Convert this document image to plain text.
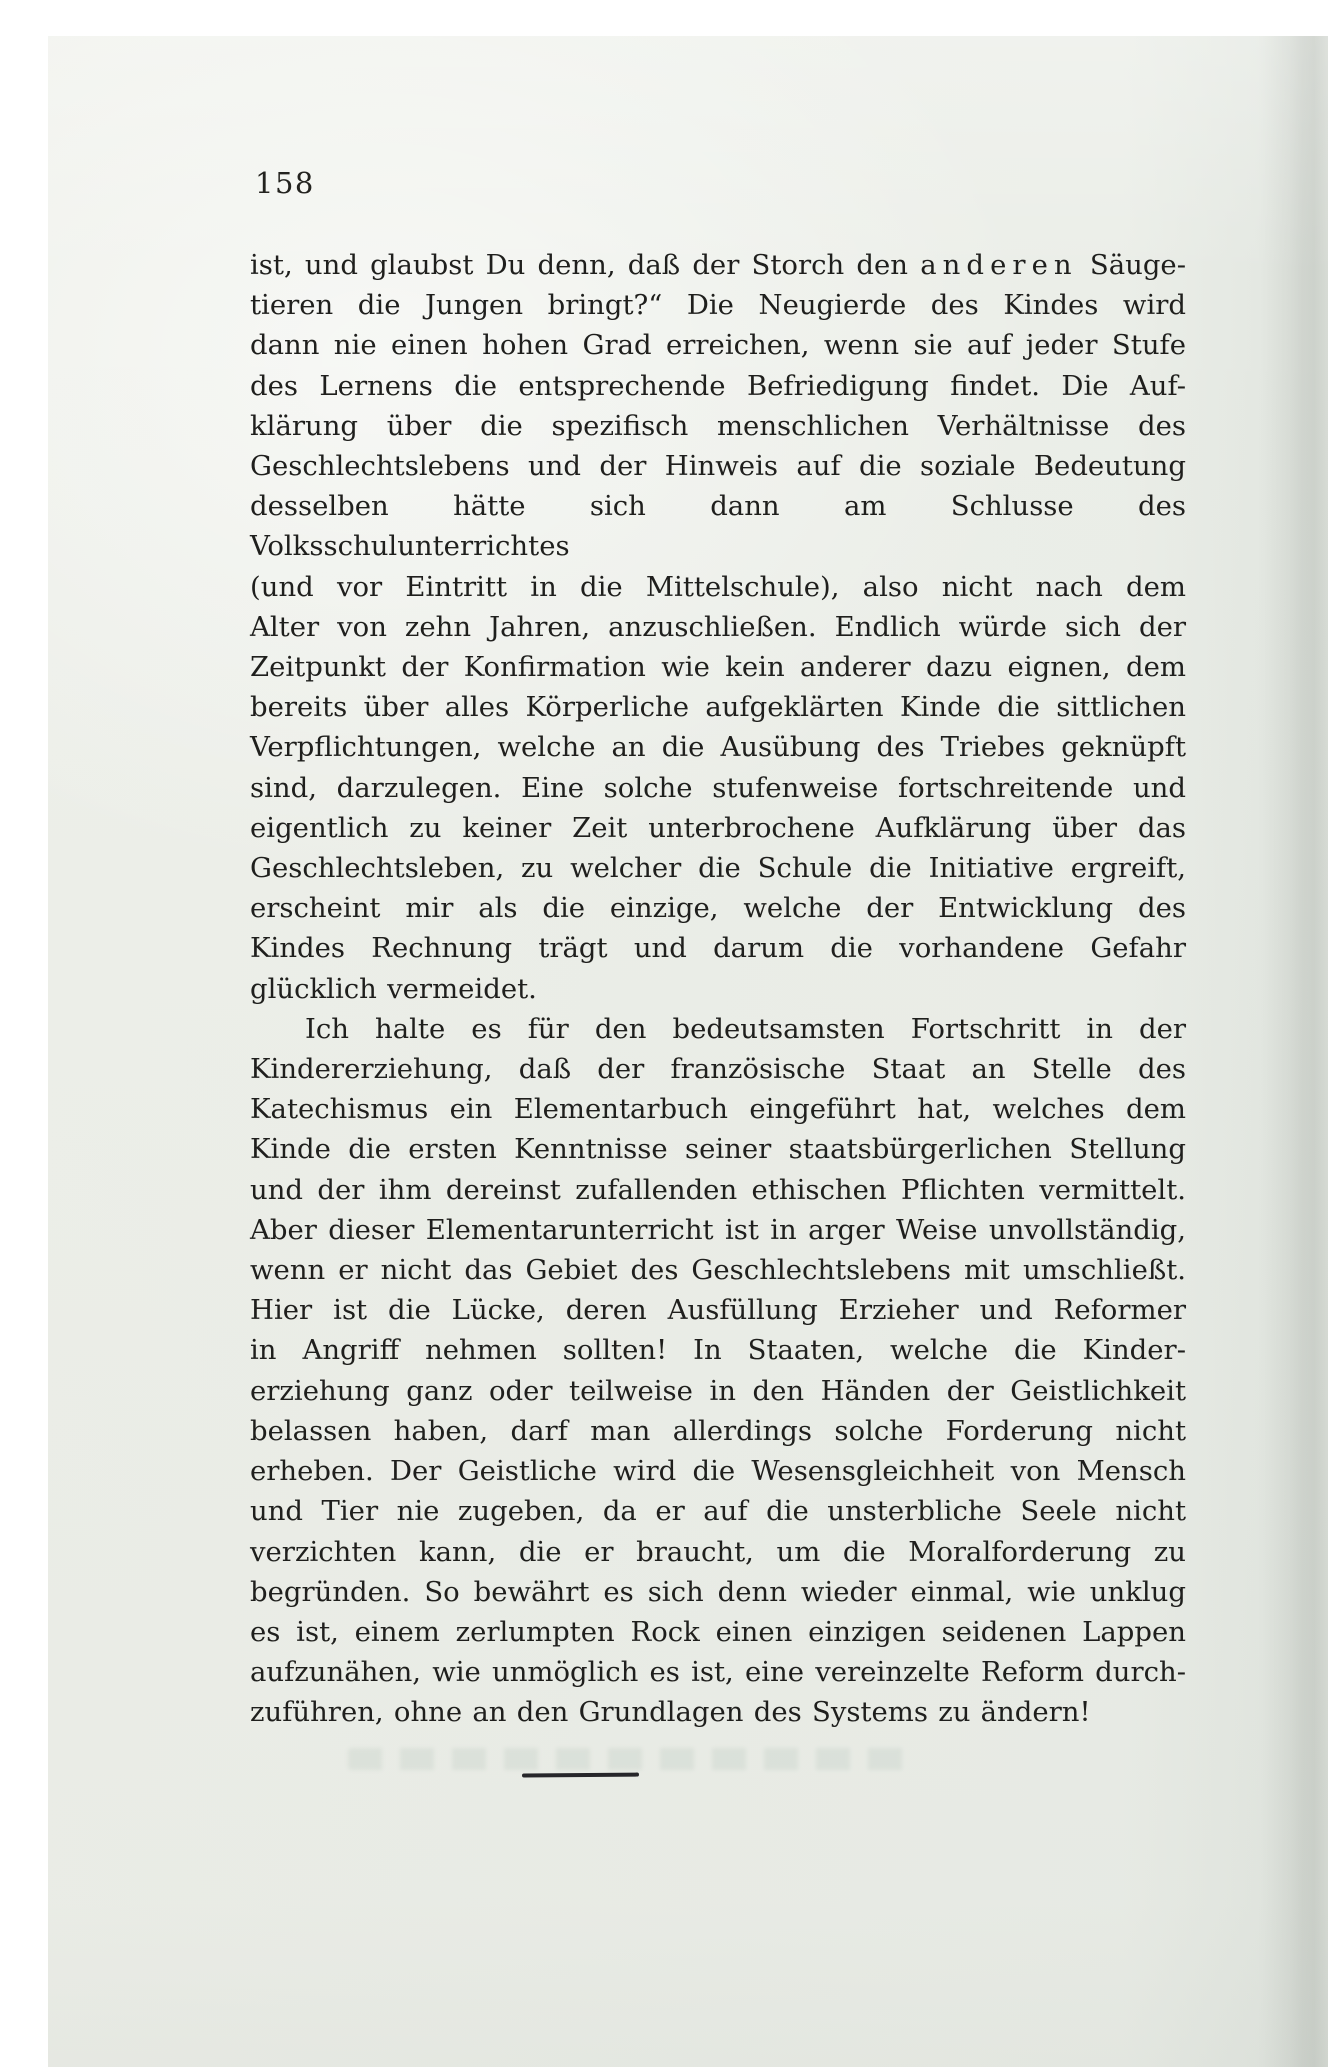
158
ist, und glaubst Du denn, daß der Storch den anderen Säuge-
tieren die Jungen bringt?“ Die Neugierde des Kindes wird
dann nie einen hohen Grad erreichen, wenn sie auf jeder Stufe
des Lernens die entsprechende Befriedigung findet. Die Auf-
klärung über die spezifisch menschlichen Verhältnisse des
Geschlechtslebens und der Hinweis auf die soziale Bedeutung
desselben hätte sich dann am Schlusse des Volksschulunterrichtes
(und vor Eintritt in die Mittelschule), also nicht nach dem
Alter von zehn Jahren, anzuschließen. Endlich würde sich der
Zeitpunkt der Konfirmation wie kein anderer dazu eignen, dem
bereits über alles Körperliche aufgeklärten Kinde die sittlichen
Verpflichtungen, welche an die Ausübung des Triebes geknüpft
sind, darzulegen. Eine solche stufenweise fortschreitende und
eigentlich zu keiner Zeit unterbrochene Aufklärung über das
Geschlechtsleben, zu welcher die Schule die Initiative ergreift,
erscheint mir als die einzige, welche der Entwicklung des
Kindes Rechnung trägt und darum die vorhandene Gefahr
glücklich vermeidet.
Ich halte es für den bedeutsamsten Fortschritt in der
Kindererziehung, daß der französische Staat an Stelle des
Katechismus ein Elementarbuch eingeführt hat, welches dem
Kinde die ersten Kenntnisse seiner staatsbürgerlichen Stellung
und der ihm dereinst zufallenden ethischen Pflichten vermittelt.
Aber dieser Elementarunterricht ist in arger Weise unvollständig,
wenn er nicht das Gebiet des Geschlechtslebens mit umschließt.
Hier ist die Lücke, deren Ausfüllung Erzieher und Reformer
in Angriff nehmen sollten! In Staaten, welche die Kinder-
erziehung ganz oder teilweise in den Händen der Geistlichkeit
belassen haben, darf man allerdings solche Forderung nicht
erheben. Der Geistliche wird die Wesensgleichheit von Mensch
und Tier nie zugeben, da er auf die unsterbliche Seele nicht
verzichten kann, die er braucht, um die Moralforderung zu
begründen. So bewährt es sich denn wieder einmal, wie unklug
es ist, einem zerlumpten Rock einen einzigen seidenen Lappen
aufzunähen, wie unmöglich es ist, eine vereinzelte Reform durch-
zuführen, ohne an den Grundlagen des Systems zu ändern!
